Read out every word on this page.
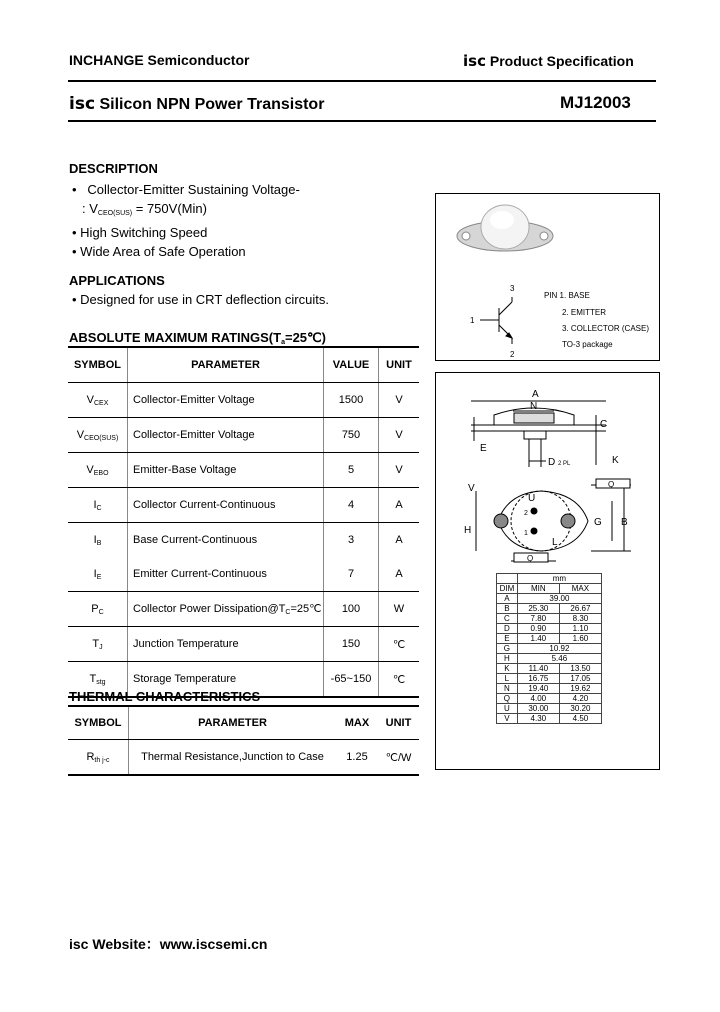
INCHANGE Semiconductor	isc Product Specification
isc Silicon NPN Power Transistor	MJ12003
DESCRIPTION
•   Collector-Emitter Sustaining Voltage-
: $V_{CEO(SUS)} = 750V(Min)$
• High Switching Speed
• Wide Area of Safe Operation
APPLICATIONS
• Designed for use in CRT deflection circuits.
ABSOLUTE MAXIMUM $RATINGS(T_a=25℃)$
SYMBOL	PARAMETER	VALUE	UNIT
$V_{CEX}$	Collector-Emitter Voltage	1500	V
$V_{CEO(SUS)}$	Collector-Emitter Voltage	750	V
$V_{EBO}$	Emitter-Base Voltage	5	V
$I_C$	Collector Current-Continuous	4	A
$I_B$	Base Current-Continuous	3	A
$I_E$	Emitter Current-Continuous	7	A
$P_C$	Collector Power $Dissipation@T_C=25℃$	100	W
$T_J$	Junction Temperature	150	℃
$T_{stg}$	Storage Temperature	-65~150	℃
THERMAL CHARACTERISTICS
SYMBOL	PARAMETER	MAX	UNIT
$R_{th j-c}$	Thermal Resistance,Junction to Case	1.25	℃/W
3
1
2
PIN 1. BASE
2. EMITTER
3. COLLECTOR (CASE)
TO-3 package
A
N
C
E
K
D 2 PL
V
H
U
G B
L
Q
Q
2
1
	mm	
DIM	MIN	MAX
A	39.00	
B	25.30	26.67
C	7.80	8.30
D	0.90	1.10
E	1.40	1.60
G	10.92	
H	5.46	
K	11.40	13.50
L	16.75	17.05
N	19.40	19.62
Q	4.00	4.20
U	30.00	30.20
V	4.30	4.50
isc Website：www.iscsemi.cn
